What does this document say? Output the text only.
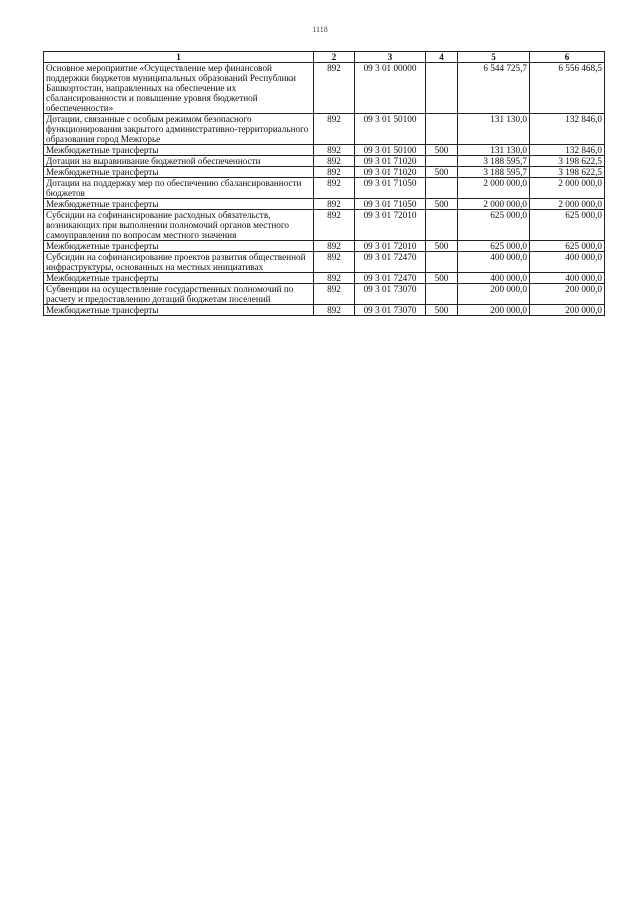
1118
1	2	3	4	5	6
Основное мероприятие «Осуществление мер финансовой поддержки бюджетов муниципальных образований Республики Башкортостан, направленных на обеспечение их сбалансированности и повышение уровня бюджетной обеспеченности»	892	09 3 01 00000		6 544 725,7	6 556 468,5
Дотации, связанные с особым режимом безопасного функционирования закрытого административно-территориального образования город Межгорье	892	09 3 01 50100		131 130,0	132 846,0
Межбюджетные трансферты	892	09 3 01 50100	500	131 130,0	132 846,0
Дотации на выравнивание бюджетной обеспеченности	892	09 3 01 71020		3 188 595,7	3 198 622,5
Межбюджетные трансферты	892	09 3 01 71020	500	3 188 595,7	3 198 622,5
Дотации на поддержку мер по обеспечению сбалансированности бюджетов	892	09 3 01 71050		2 000 000,0	2 000 000,0
Межбюджетные трансферты	892	09 3 01 71050	500	2 000 000,0	2 000 000,0
Субсидии на софинансирование расходных обязательств, возникающих при выполнении полномочий органов местного самоуправления по вопросам местного значения	892	09 3 01 72010		625 000,0	625 000,0
Межбюджетные трансферты	892	09 3 01 72010	500	625 000,0	625 000,0
Субсидии на софинансирование проектов развития общественной инфраструктуры, основанных на местных инициативах	892	09 3 01 72470		400 000,0	400 000,0
Межбюджетные трансферты	892	09 3 01 72470	500	400 000,0	400 000,0
Субвенции на осуществление государственных полномочий по расчету и предоставлению дотаций бюджетам поселений	892	09 3 01 73070		200 000,0	200 000,0
Межбюджетные трансферты	892	09 3 01 73070	500	200 000,0	200 000,0
